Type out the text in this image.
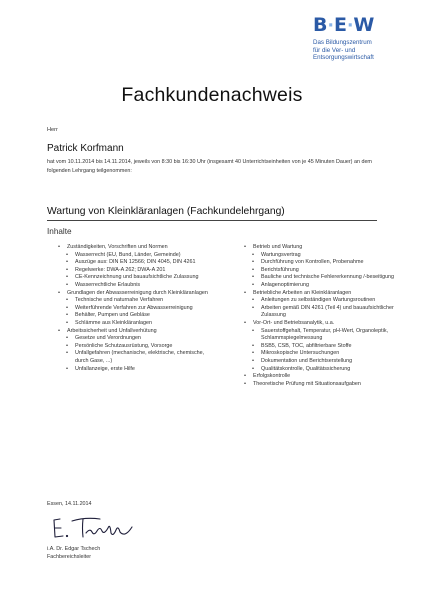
B·E·W
Das Bildungszentrum
für die Ver- und
Entsorgungswirtschaft
Fachkundenachweis
Herr
Patrick Korfmann
hat vom 10.11.2014 bis 14.11.2014, jeweils von 8:30 bis 16:30 Uhr (insgesamt 40 Unterrichtseinheiten von je 45 Minuten Dauer) an dem folgenden Lehrgang teilgenommen:
Wartung von Kleinkläranlagen (Fachkundelehrgang)
Inhalte
• Zuständigkeiten, Vorschriften und Normen
• Wasserrecht (EU, Bund, Länder, Gemeinde)
• Auszüge aus: DIN EN 12566; DIN 4045, DIN 4261
• Regelwerke: DWA-A 262; DWA-A 201
• CE-Kennzeichnung und bauaufsichtliche Zulassung
• Wasserrechtliche Erlaubnis
• Grundlagen der Abwasserreinigung durch Kleinkläranlagen
• Technische und naturnahe Verfahren
• Weiterführende Verfahren zur Abwasserreinigung
• Behälter, Pumpen und Gebläse
• Schlämme aus Kleinkläranlagen
• Arbeitssicherheit und Unfallverhütung
• Gesetze und Verordnungen
• Persönliche Schutzausrüstung, Vorsorge
• Unfallgefahren (mechanische, elektrische, chemische, durch Gase, ...)
• Unfallanzeige, erste Hilfe
• Betrieb und Wartung
• Wartungsvertrag
• Durchführung von Kontrollen, Probenahme
• Berichtsführung
• Bauliche und technische Fehlererkennung /-beseitigung
• Anlagenoptimierung
• Betriebliche Arbeiten an Kleinkläranlagen
• Anleitungen zu selbständigen Wartungsroutinen
• Arbeiten gemäß DIN 4261 (Teil 4) und bauaufsichtlicher Zulassung
• Vor-Ort- und Betriebsanalytik, u.a.
• Sauerstoffgehalt, Temperatur, pH-Wert, Organoleptik, Schlammspiegelmessung
• BSB5, CSB, TOC, abfiltrierbare Stoffe
• Mikroskopische Untersuchungen
• Dokumentation und Berichtserstellung
• Qualitätskontrolle, Qualitätssicherung
• Erfolgskontrolle
• Theoretische Prüfung mit Situationsaufgaben
Essen, 14.11.2014
i.A. Dr. Edgar Tschech
Fachbereichsleiter
